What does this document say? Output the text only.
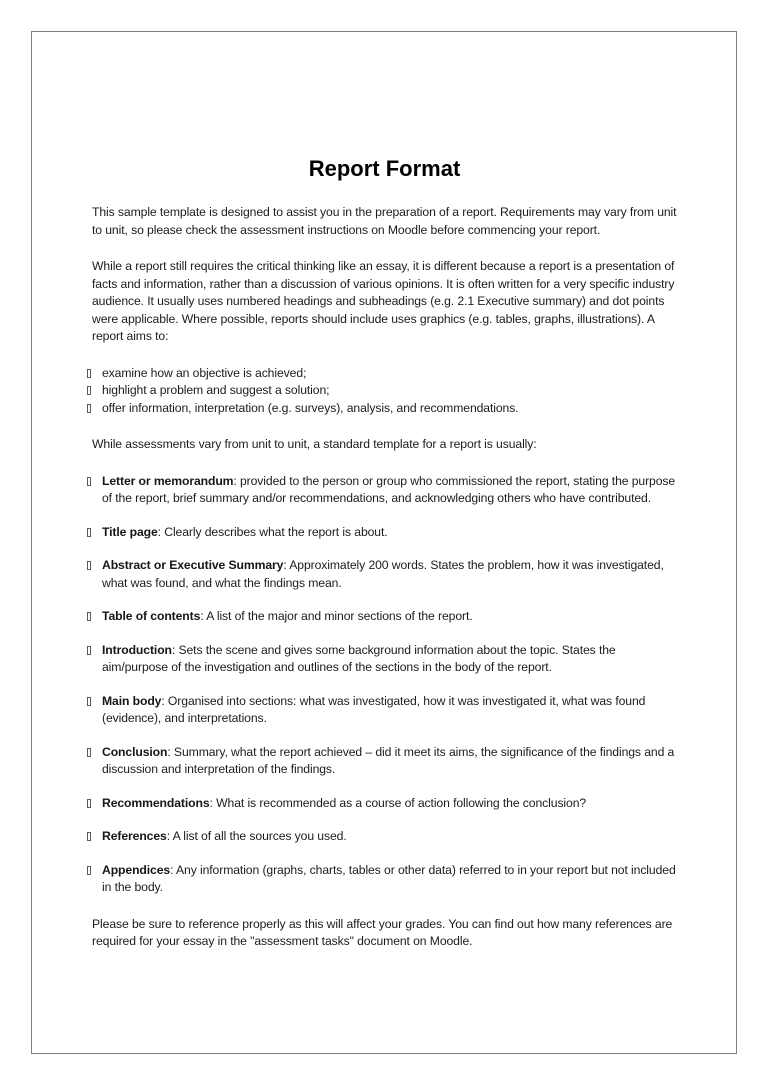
Report Format

This sample template is designed to assist you in the preparation of a report. Requirements may vary from unit to unit, so please check the assessment instructions on Moodle before commencing your report.

While a report still requires the critical thinking like an essay, it is different because a report is a presentation of facts and information, rather than a discussion of various opinions. It is often written for a very specific industry audience. It usually uses numbered headings and subheadings (e.g. 2.1 Executive summary) and dot points were applicable. Where possible, reports should include uses graphics (e.g. tables, graphs, illustrations). A report aims to:

examine how an objective is achieved;
highlight a problem and suggest a solution;
offer information, interpretation (e.g. surveys), analysis, and recommendations.

While assessments vary from unit to unit, a standard template for a report is usually:

Letter or memorandum: provided to the person or group who commissioned the report, stating the purpose of the report, brief summary and/or recommendations, and acknowledging others who have contributed.
Title page: Clearly describes what the report is about.
Abstract or Executive Summary: Approximately 200 words. States the problem, how it was investigated, what was found, and what the findings mean.
Table of contents: A list of the major and minor sections of the report.
Introduction: Sets the scene and gives some background information about the topic. States the aim/purpose of the investigation and outlines of the sections in the body of the report.
Main body: Organised into sections: what was investigated, how it was investigated it, what was found (evidence), and interpretations.
Conclusion: Summary, what the report achieved – did it meet its aims, the significance of the findings and a discussion and interpretation of the findings.
Recommendations: What is recommended as a course of action following the conclusion?
References: A list of all the sources you used.
Appendices: Any information (graphs, charts, tables or other data) referred to in your report but not included in the body.

Please be sure to reference properly as this will affect your grades. You can find out how many references are required for your essay in the "assessment tasks" document on Moodle.
